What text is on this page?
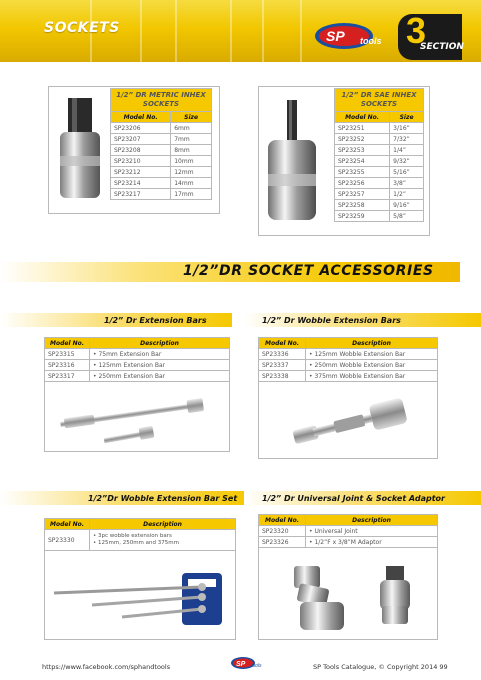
SOCKETS	SP tools 3
SECTION
1/2” DR METRIC INHEX SOCKETS	
Model No.	Size
SP23206	6mm
SP23207	7mm
SP23208	8mm
SP23210	10mm
SP23212	12mm
SP23214	14mm
SP23217	17mm
1/2” DR SAE INHEX SOCKETS	
Model No.	Size
SP23251	3/16”
SP23252	7/32”
SP23253	1/4”
SP23254	9/32”
SP23255	5/16”
SP23256	3/8”
SP23257	1/2”
SP23258	9/16”
SP23259	5/8”
1/2”DR SOCKET ACCESSORIES
1/2” Dr Extension Bars
Model No.	Description
SP23315	• 75mm Extension Bar
SP23316	• 125mm Extension Bar
SP23317	• 250mm Extension Bar
1/2” Dr Wobble Extension Bars
Model No.	Description
SP23336	• 125mm Wobble Extension Bar
SP23337	• 250mm Wobble Extension Bar
SP23338	• 375mm Wobble Extension Bar
1/2”Dr Wobble Extension Bar Set
Model No.	Description
SP23330	• 3pc wobble extension bars
• 125mm, 250mm and 375mm
1/2” Dr Universal Joint & Socket Adaptor
Model No.	Description
SP23320	• Universal Joint
SP23326	• 1/2”F x 3/8”M Adaptor
https://www.facebook.com/sphandtools	SP tools	SP Tools Catalogue, © Copyright 2014 99
